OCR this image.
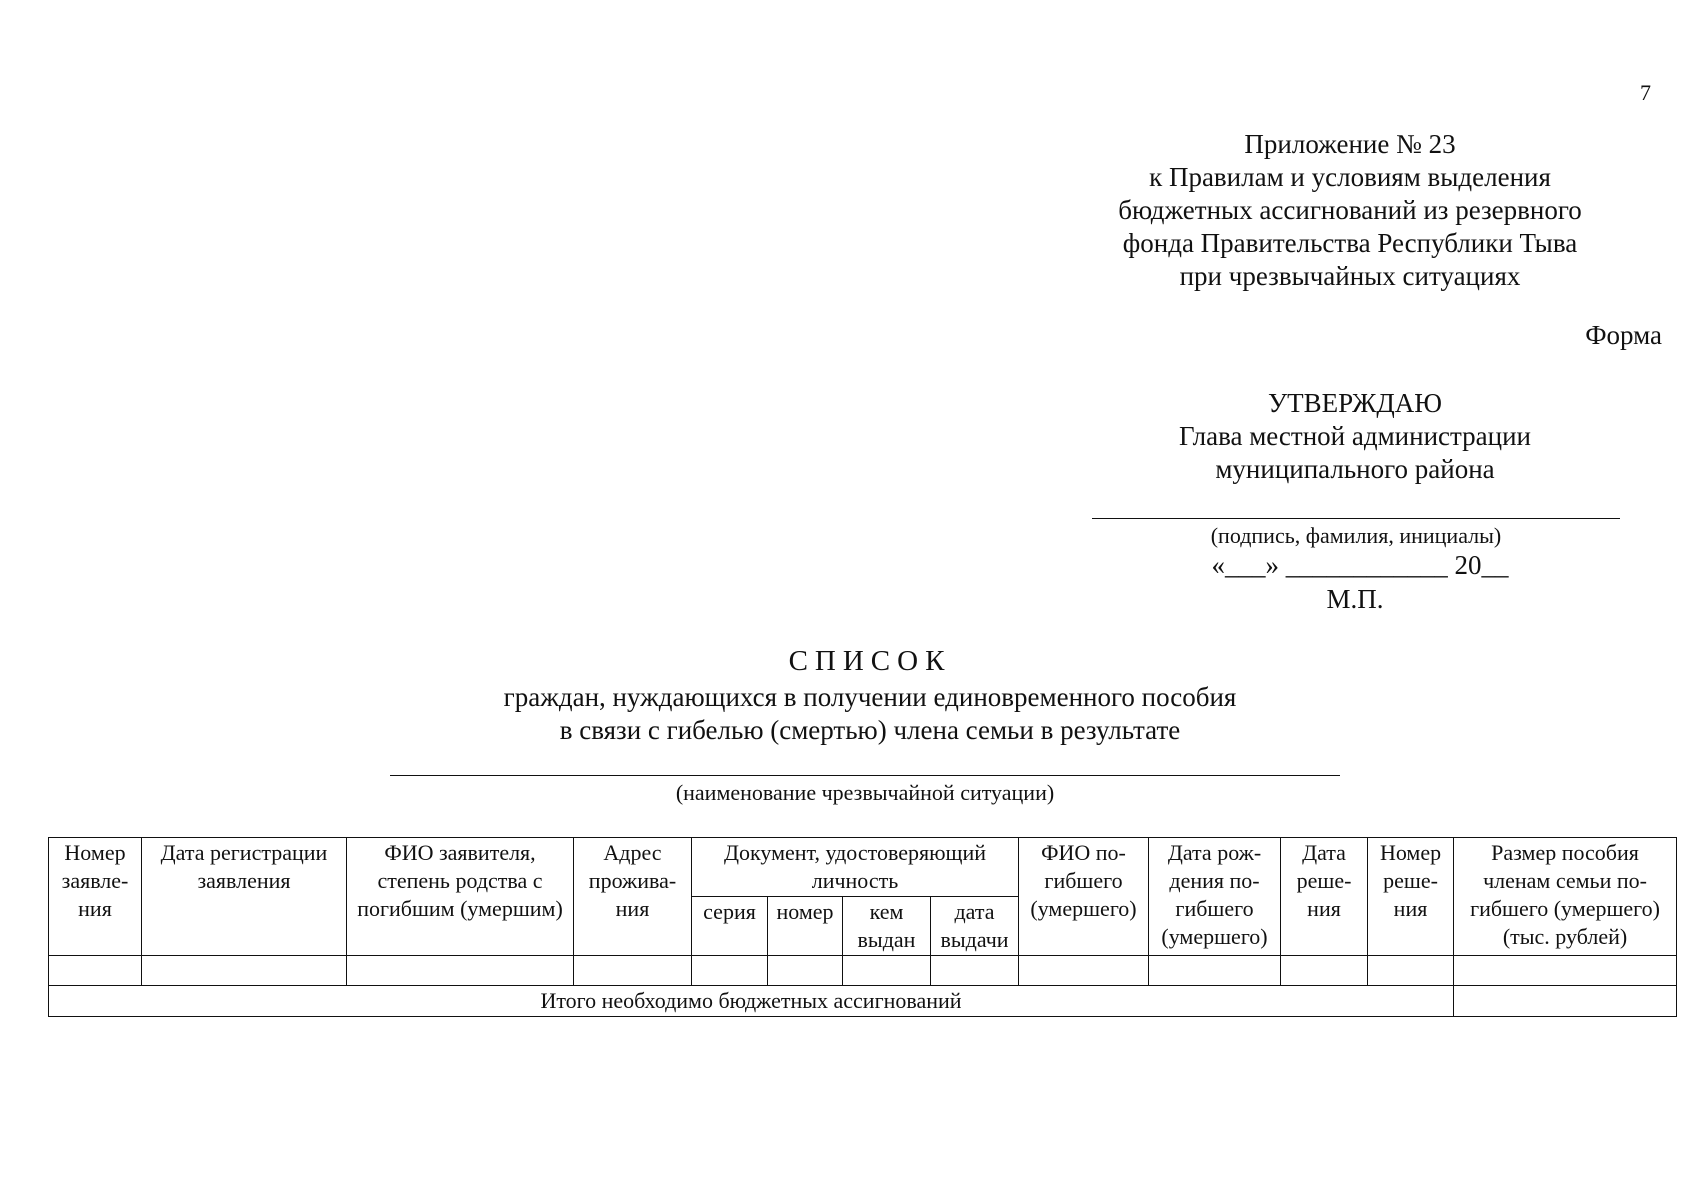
7
Приложение № 23
к Правилам и условиям выделения
бюджетных ассигнований из резервного
фонда Правительства Республики Тыва
при чрезвычайных ситуациях
Форма
УТВЕРЖДАЮ
Глава местной администрации
муниципального района
(подпись, фамилия, инициалы)
«___» ____________ 20__
М.П.
СПИСОК
граждан, нуждающихся в получении единовременного пособия
в связи с гибелью (смертью) члена семьи в результате
(наименование чрезвычайной ситуации)
Номер заявле-ния	Дата регистрации заявления	ФИО заявителя, степень родства с погибшим (умершим)	Адрес прожива-ния	Документ, удостоверяющий личность				ФИО по-гибшего (умершего)	Дата рож-дения по-гибшего (умершего)	Дата реше-ния	Номер реше-ния	Размер пособия членам семьи по-гибшего (умершего) (тыс. рублей)
				серия	номер	кем выдан	дата выдачи					

Итого необходимо бюджетных ассигнований												
